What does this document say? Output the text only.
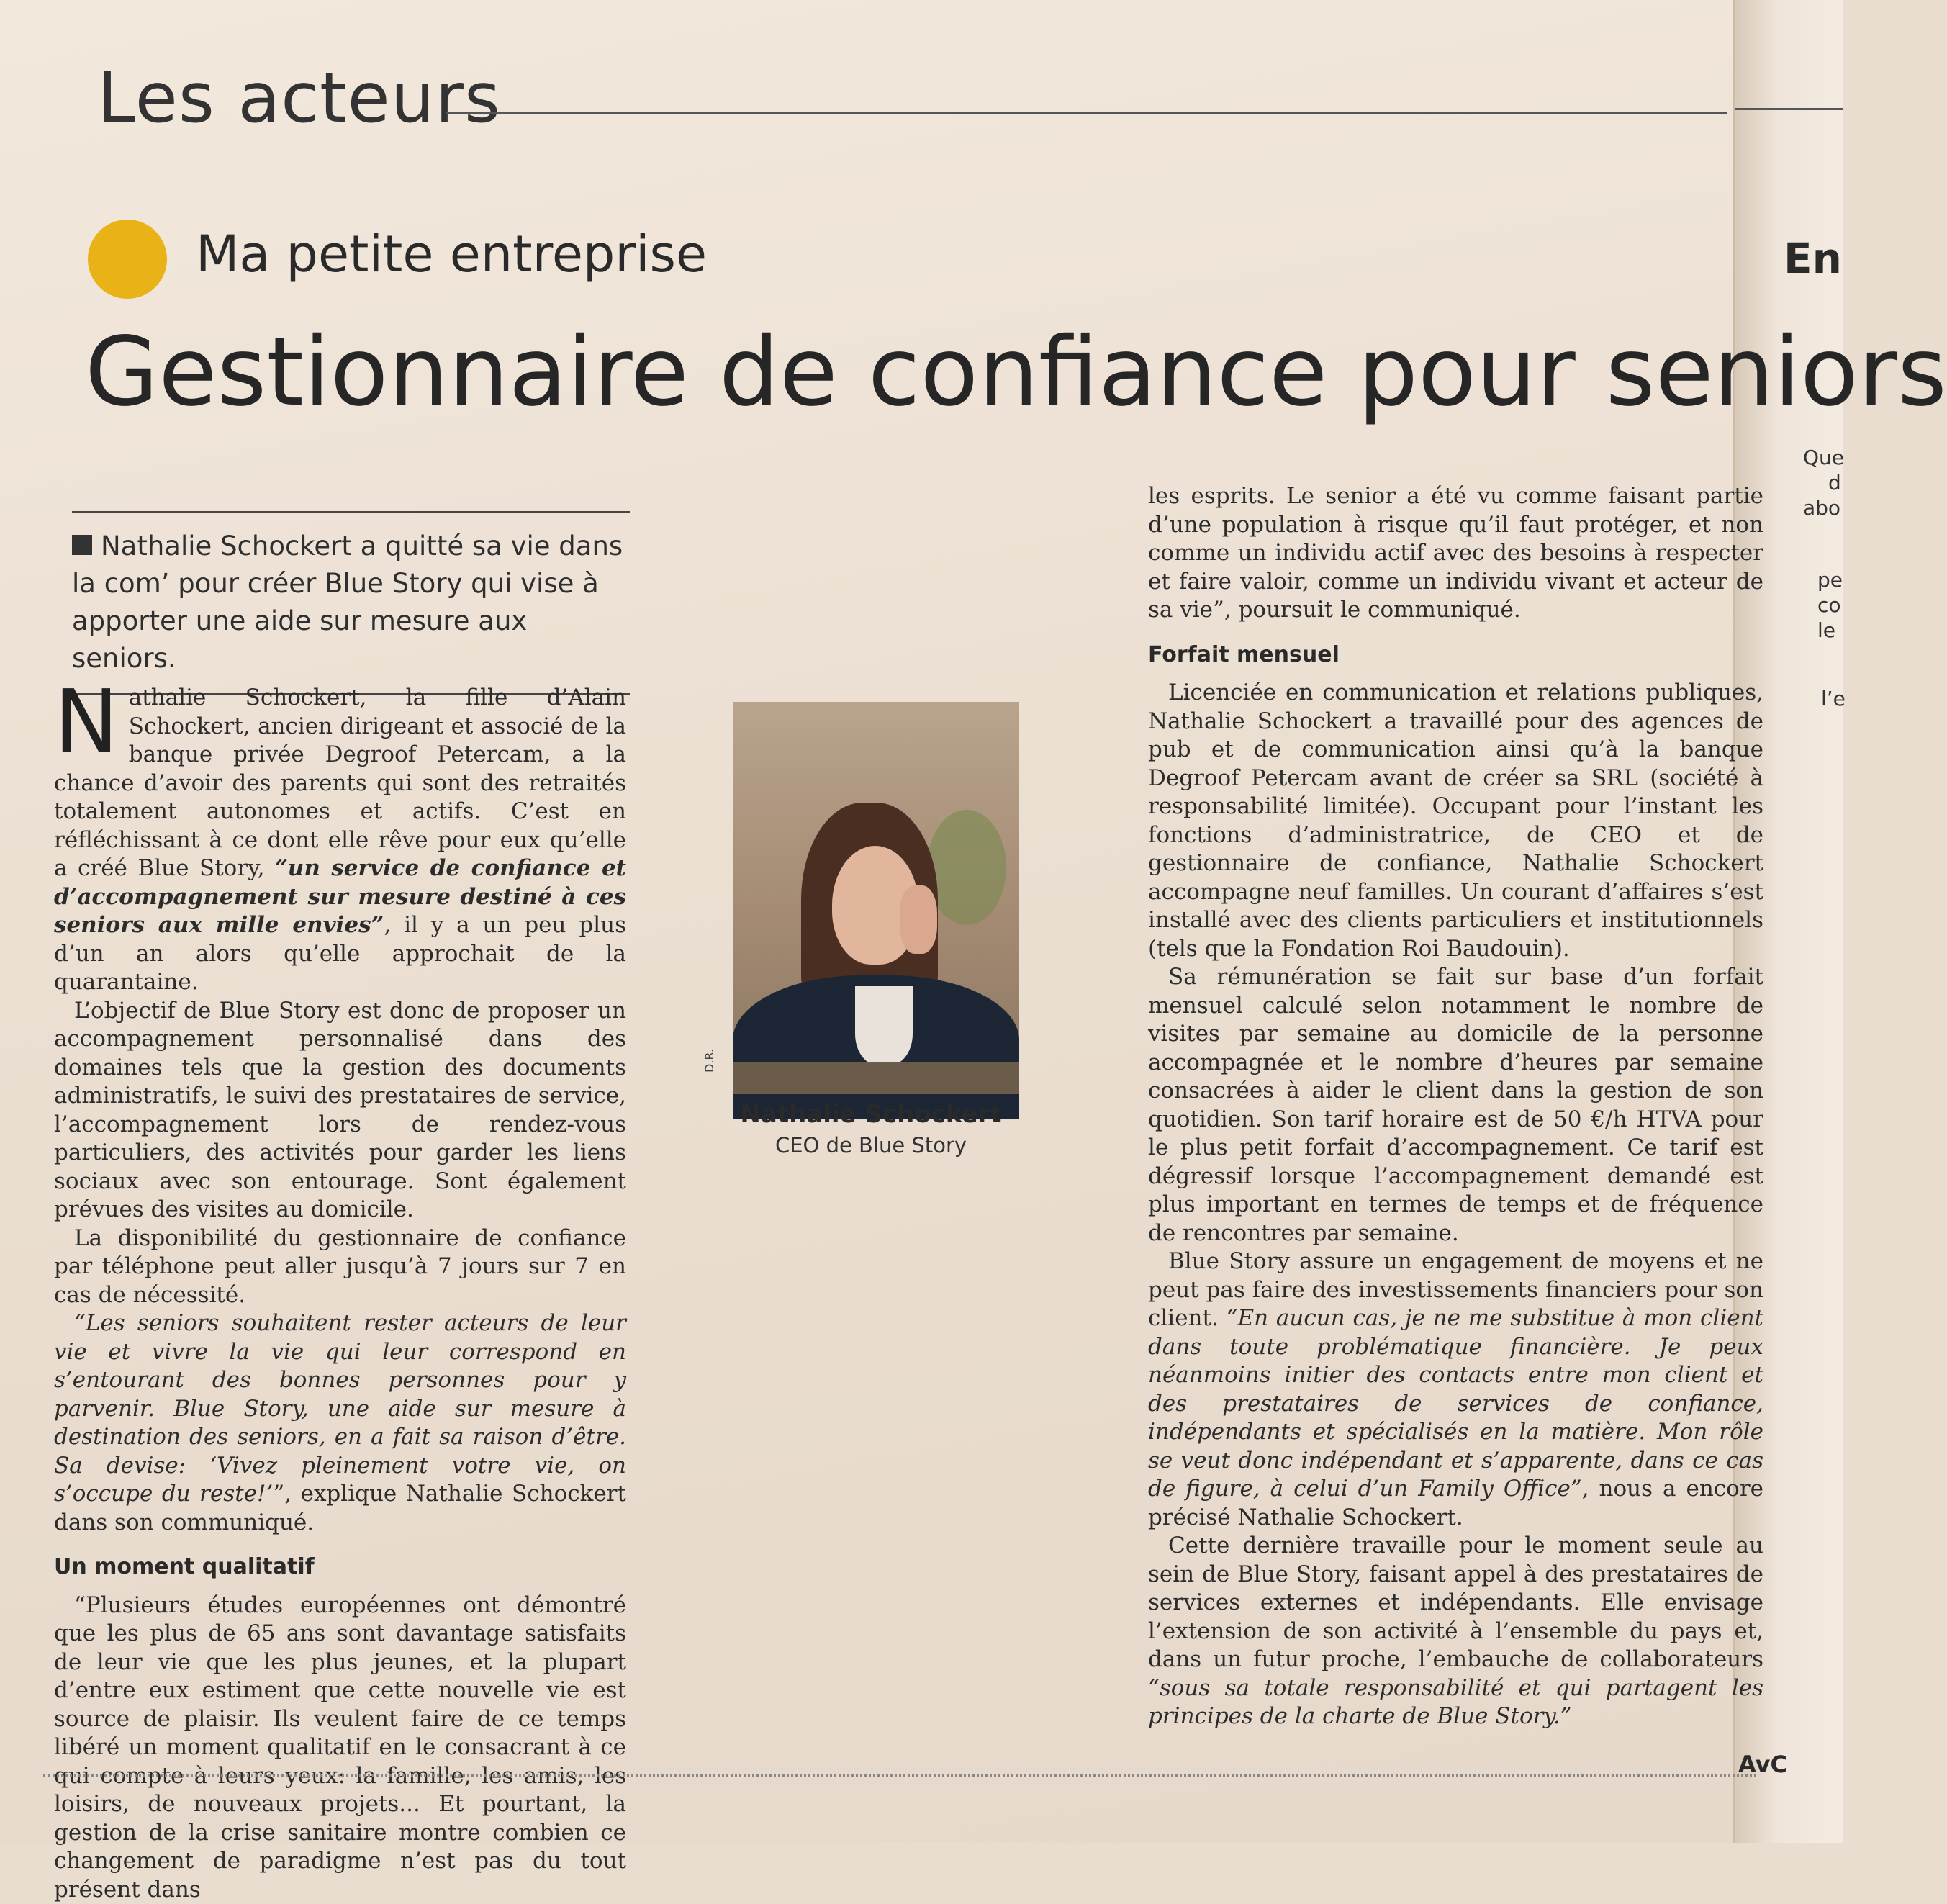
En
Que
d
abo
pe
co
le
l’e
Les acteurs
Ma petite entreprise
Gestionnaire de confiance pour seniors
Nathalie Schockert a quitté sa vie dans la com’ pour créer Blue Story qui vise à apporter une aide sur mesure aux seniors.

Nathalie Schockert, la fille d’Alain Schockert, ancien dirigeant et associé de la banque privée Degroof Petercam, a la chance d’avoir des parents qui sont des retraités totalement autonomes et actifs. C’est en réfléchissant à ce dont elle rêve pour eux qu’elle a créé Blue Story, “un service de confiance et d’accompagnement sur mesure destiné à ces seniors aux mille envies”, il y a un peu plus d’un an alors qu’elle approchait de la quarantaine.

L’objectif de Blue Story est donc de proposer un accompagnement personnalisé dans des domaines tels que la gestion des documents administratifs, le suivi des prestataires de service, l’accompagnement lors de rendez-vous particuliers, des activités pour garder les liens sociaux avec son entourage. Sont également prévues des visites au domicile.

La disponibilité du gestionnaire de confiance par téléphone peut aller jusqu’à 7 jours sur 7 en cas de nécessité.

“Les seniors souhaitent rester acteurs de leur vie et vivre la vie qui leur correspond en s’entourant des bonnes personnes pour y parvenir. Blue Story, une aide sur mesure à destination des seniors, en a fait sa raison d’être. Sa devise: ‘Vivez pleinement votre vie, on s’occupe du reste!’”, explique Nathalie Schockert dans son communiqué.

Un moment qualitatif

“Plusieurs études européennes ont démontré que les plus de 65 ans sont davantage satisfaits de leur vie que les plus jeunes, et la plupart d’entre eux estiment que cette nouvelle vie est source de plaisir. Ils veulent faire de ce temps libéré un moment qualitatif en le consacrant à ce qui compte à leurs yeux: la famille, les amis, les loisirs, de nouveaux projets... Et pourtant, la gestion de la crise sanitaire montre combien ce changement de paradigme n’est pas du tout présent dans

D.R.
Nathalie Schockert
CEO de Blue Story

les esprits. Le senior a été vu comme faisant partie d’une population à risque qu’il faut protéger, et non comme un individu actif avec des besoins à respecter et faire valoir, comme un individu vivant et acteur de sa vie”, poursuit le communiqué.

Forfait mensuel

Licenciée en communication et relations publiques, Nathalie Schockert a travaillé pour des agences de pub et de communication ainsi qu’à la banque Degroof Petercam avant de créer sa SRL (société à responsabilité limitée). Occupant pour l’instant les fonctions d’administratrice, de CEO et de gestionnaire de confiance, Nathalie Schockert accompagne neuf familles. Un courant d’affaires s’est installé avec des clients particuliers et institutionnels (tels que la Fondation Roi Baudouin).

Sa rémunération se fait sur base d’un forfait mensuel calculé selon notamment le nombre de visites par semaine au domicile de la personne accompagnée et le nombre d’heures par semaine consacrées à aider le client dans la gestion de son quotidien. Son tarif horaire est de 50 €/h HTVA pour le plus petit forfait d’accompagnement. Ce tarif est dégressif lorsque l’accompagnement demandé est plus important en termes de temps et de fréquence de rencontres par semaine.

Blue Story assure un engagement de moyens et ne peut pas faire des investissements financiers pour son client. “En aucun cas, je ne me substitue à mon client dans toute problématique financière. Je peux néanmoins initier des contacts entre mon client et des prestataires de services de confiance, indépendants et spécialisés en la matière. Mon rôle se veut donc indépendant et s’apparente, dans ce cas de figure, à celui d’un Family Office”, nous a encore précisé Nathalie Schockert.

Cette dernière travaille pour le moment seule au sein de Blue Story, faisant appel à des prestataires de services externes et indépendants. Elle envisage l’extension de son activité à l’ensemble du pays et, dans un futur proche, l’embauche de collaborateurs “sous sa totale responsabilité et qui partagent les principes de la charte de Blue Story.”

AvC
